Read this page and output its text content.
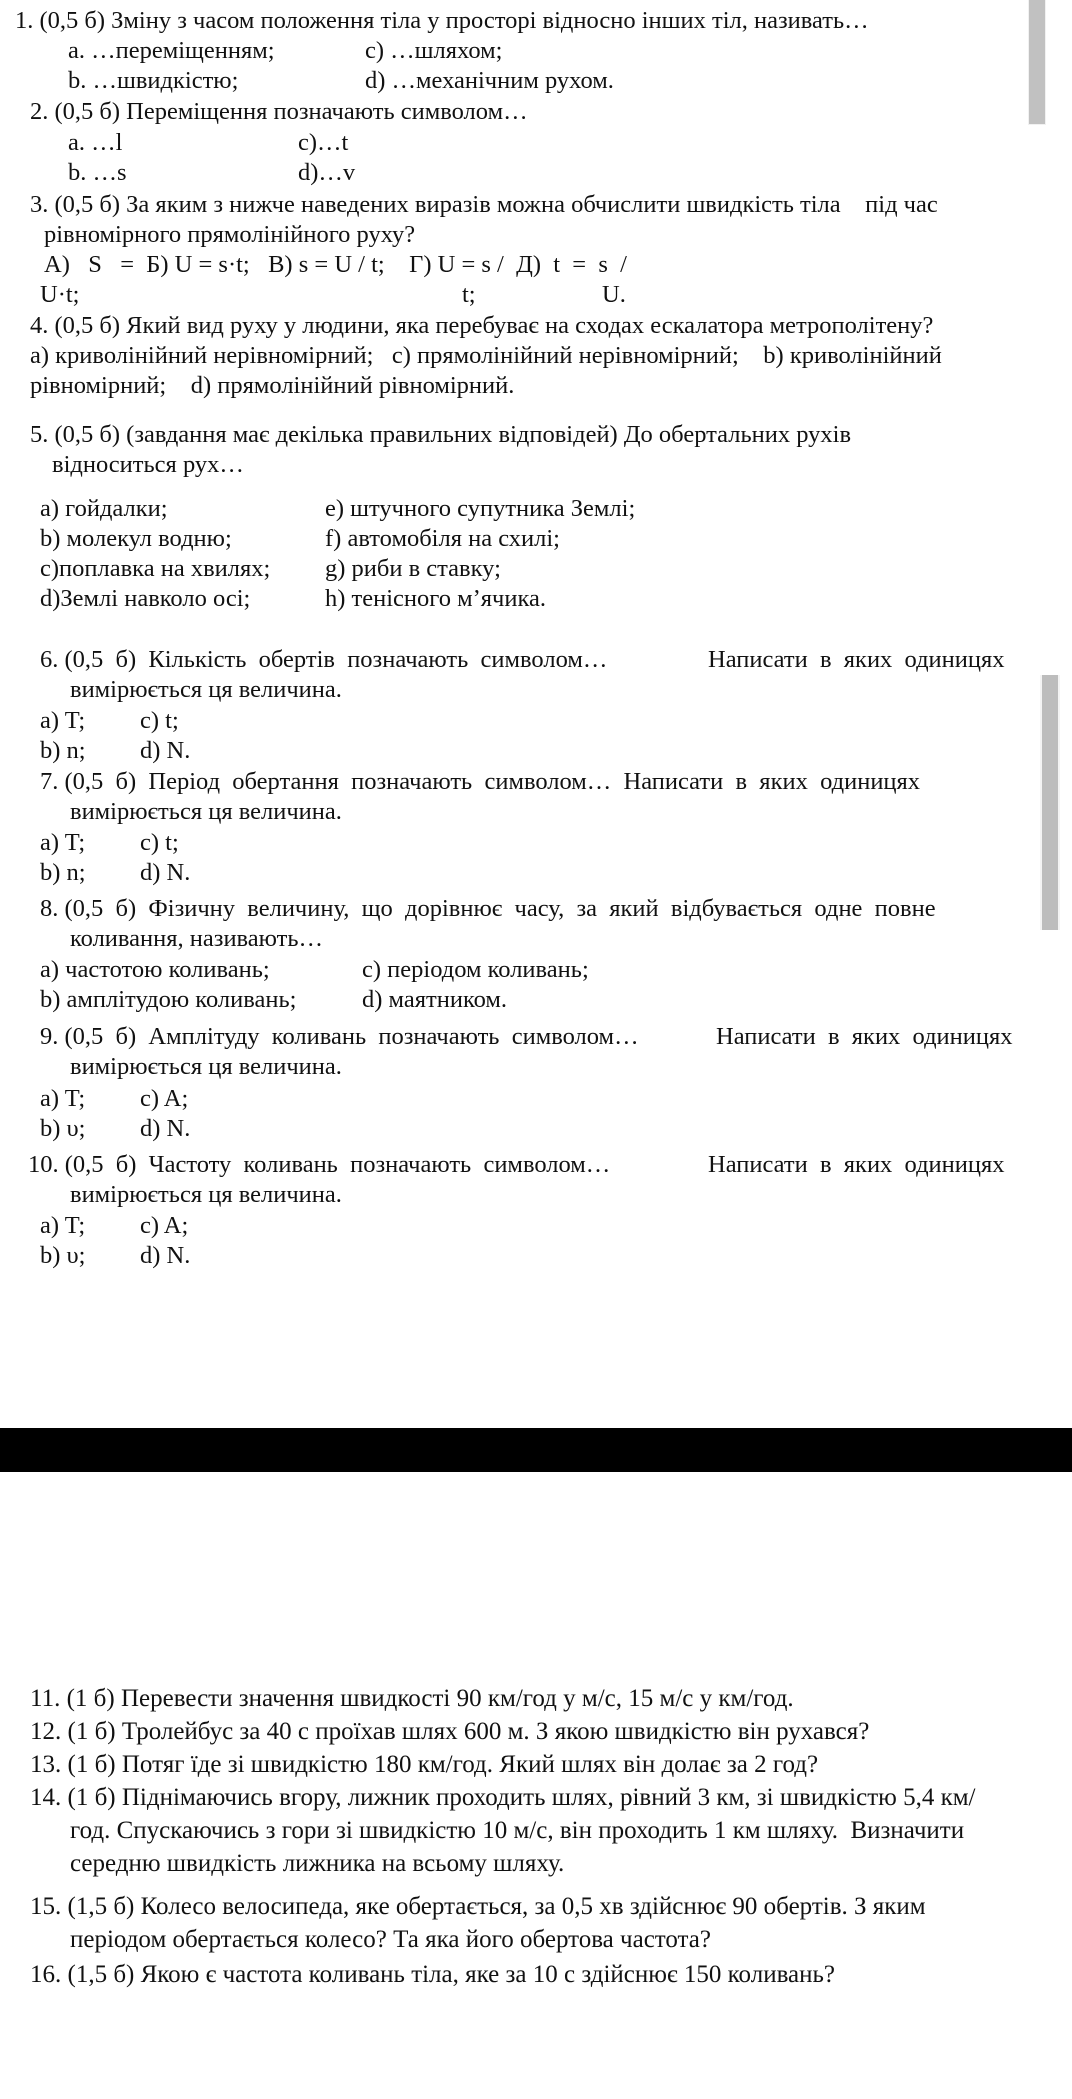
1. (0,5 б) Зміну з часом положення тіла у просторі відносно інших тіл, називать…
a. …переміщенням;	c) …шляхом;
b. …швидкістю;	d) …механічним рухом.
2. (0,5 б) Переміщення позначають символом…
a. …l	c)…t
b. …s	d)…v
3. (0,5 б) За яким з нижче наведених виразів можна обчислити швидкість тіла    під час
рівномірного прямолінійного руху?
A)   S   =  Б) U = s·t;   B) s = U / t;    Г) U = s /  Д)  t  =  s  /
U·t;	t;	U.
4. (0,5 б) Який вид руху у людини, яка перебуває на сходах ескалатора метрополітену?
a) криволінійний нерівномірний;   c) прямолінійний нерівномірний;    b) криволінійний
рівномірний;    d) прямолінійний рівномірний.
5. (0,5 б) (завдання має декілька правильних відповідей) До обертальних рухів
відноситься рух…
a) гойдалки;	e) штучного супутника Землі;
b) молекул водню;	f) автомобіля на схилі;
c)поплавка на хвилях; g) риби в ставку;
d)Землі навколо осі;	h) тенісного м’ячика.
6. (0,5  б)  Кількість  обертів  позначають  символом…	Написати  в  яких  одиницях
вимірюється ця величина.
a) T; c) t;
b) n; d) N.
7. (0,5  б)  Період  обертання  позначають  символом…  Написати  в  яких  одиницях
вимірюється ця величина.
a) T; c) t;
b) n; d) N.
8. (0,5  б)  Фізичну  величину,  що  дорівнює  часу,  за  який  відбувається  одне  повне
коливання, називають…
a) частотою коливань;	c) періодом коливань;
b) амплітудою коливань;	d) маятником.
9. (0,5  б)  Амплітуду  коливань  позначають  символом…	Написати  в  яких  одиницях
вимірюється ця величина.
a) T; c) A;
b) υ; d) N.
10. (0,5  б)  Частоту  коливань  позначають  символом…	Написати  в  яких  одиницях
вимірюється ця величина.
a) T; c) A;
b) υ; d) N.
11. (1 б) Перевести значення швидкості 90 км/год у м/с, 15 м/с у км/год.
12. (1 б) Тролейбус за 40 с проїхав шлях 600 м. З якою швидкістю він рухався?
13. (1 б) Потяг їде зі швидкістю 180 км/год. Який шлях він долає за 2 год?
14. (1 б) Піднімаючись вгору, лижник проходить шлях, рівний 3 км, зі швидкістю 5,4 км/
год. Спускаючись з гори зі швидкістю 10 м/с, він проходить 1 км шляху.  Визначити
середню швидкість лижника на всьому шляху.
15. (1,5 б) Колесо велосипеда, яке обертається, за 0,5 хв здійснює 90 обертів. З яким
періодом обертається колесо? Та яка його обертова частота?
16. (1,5 б) Якою є частота коливань тіла, яке за 10 с здійснює 150 коливань?
